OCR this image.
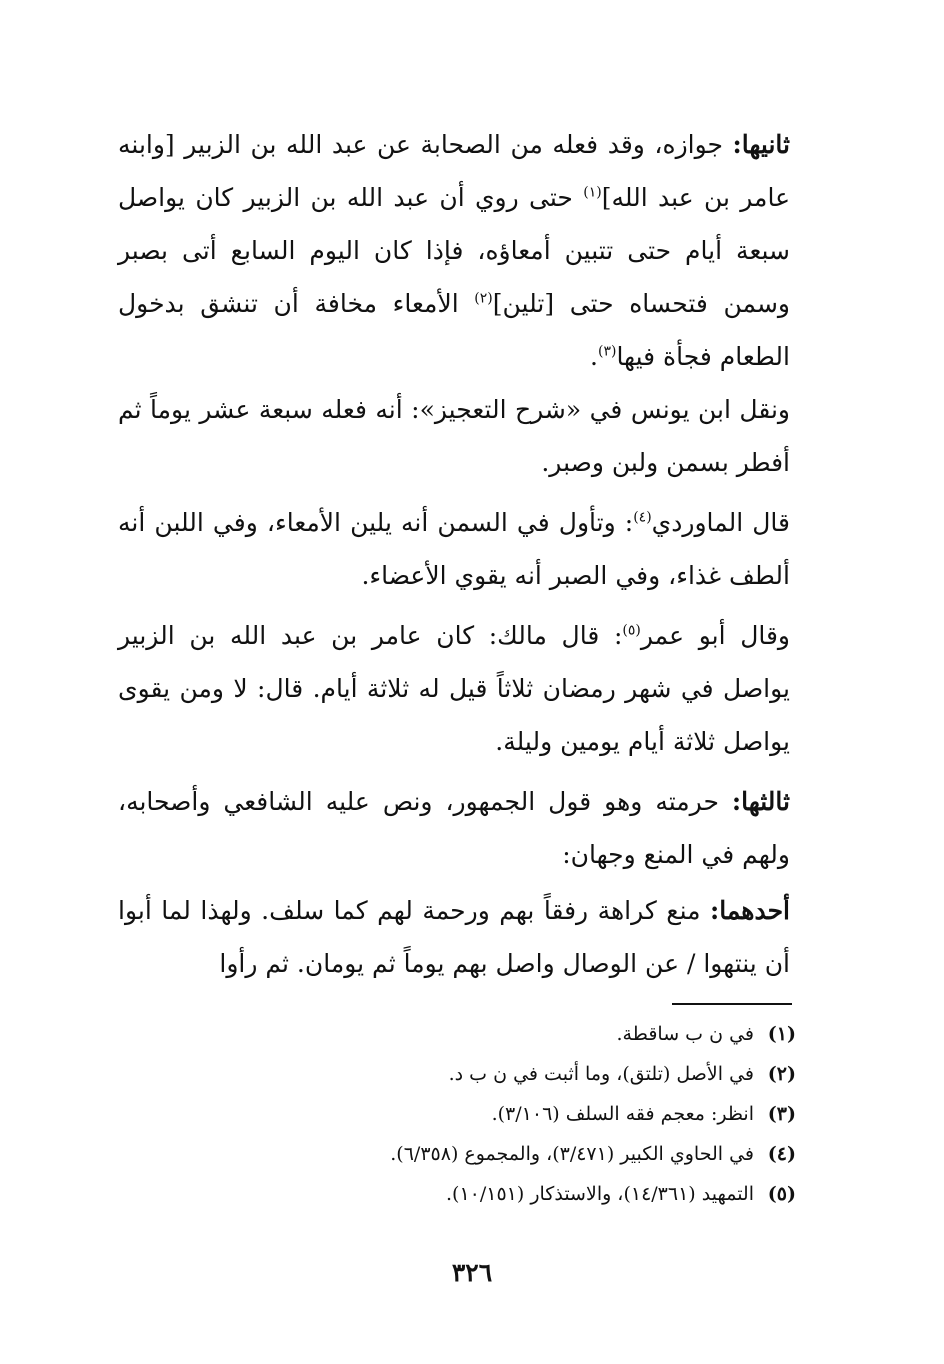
ثانيها: جوازه، وقد فعله من الصحابة عن عبد الله بن الزبير [وابنه عامر بن عبد الله]$^{(١)}$ حتى روي أن عبد الله بن الزبير كان يواصل سبعة أيام حتى تتبين أمعاؤه، فإذا كان اليوم السابع أتى بصبر وسمن فتحساه حتى [تلين]$^{(٢)}$ الأمعاء مخافة أن تنشق بدخول الطعام فجأة فيها$^{(٣)}$.

ونقل ابن يونس في «شرح التعجيز»: أنه فعله سبعة عشر يوماً ثم أفطر بسمن ولبن وصبر.

قال الماوردي$^{(٤)}$: وتأول في السمن أنه يلين الأمعاء، وفي اللبن أنه ألطف غذاء، وفي الصبر أنه يقوي الأعضاء.

وقال أبو عمر$^{(٥)}$: قال مالك: كان عامر بن عبد الله بن الزبير يواصل في شهر رمضان ثلاثاً قيل له ثلاثة أيام. قال: لا ومن يقوى يواصل ثلاثة أيام يومين وليلة.

ثالثها: حرمته وهو قول الجمهور، ونص عليه الشافعي وأصحابه، ولهم في المنع وجهان:

أحدهما: منع كراهة رفقاً بهم ورحمة لهم كما سلف. ولهذا لما أبوا أن ينتهوا / عن الوصال واصل بهم يوماً ثم يومان. ثم رأوا

(١)في ن ب ساقطة.

(٢)في الأصل (تلتق)، وما أثبت في ن ب د.

(٣)انظر: معجم فقه السلف (٣/١٠٦).

(٤)في الحاوي الكبير (٣/٤٧١)، والمجموع (٦/٣٥٨).

(٥)التمهيد (١٤/٣٦١)، والاستذكار (١٠/١٥١).

٣٢٦
